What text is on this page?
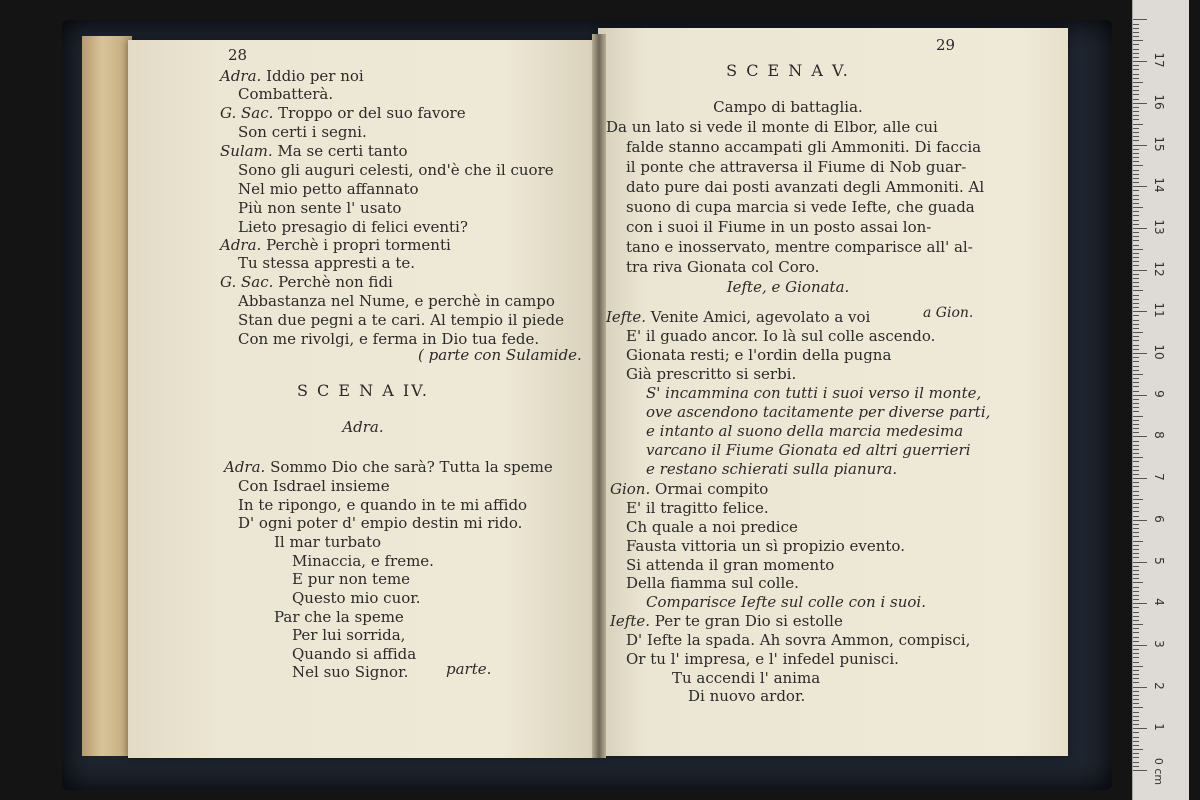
28
( parte con Sulamide.
S C E N A IV.
Adra.
parte.
Adra. Iddio per noi
Combatterà.
G. Sac. Troppo or del suo favore
Son certi i segni.
Sulam. Ma se certi tanto
Sono gli auguri celesti, ond'è che il cuore
Nel mio petto affannato
Più non sente l' usato
Lieto presagio di felici eventi?
Adra. Perchè i propri tormenti
Tu stessa appresti a te.
G. Sac. Perchè non fidi
Abbastanza nel Nume, e perchè in campo
Stan due pegni a te cari. Al tempio il piede
Con me rivolgi, e ferma in Dio tua fede.
Adra. Sommo Dio che sarà? Tutta la speme
Con Isdrael insieme
In te ripongo, e quando in te mi affido
D' ogni poter d' empio destin mi rido.
Il mar turbato
Minaccia, e freme.
E pur non teme
Questo mio cuor.
Par che la speme
Per lui sorrida,
Quando si affida
Nel suo Signor.
29
S C E N A V.
Campo di battaglia.
Iefte, e Gionata.
a Gion.
Da un lato si vede il monte di Elbor, alle cui
falde stanno accampati gli Ammoniti. Di faccia
il ponte che attraversa il Fiume di Nob guar-
dato pure dai posti avanzati degli Ammoniti. Al
suono di cupa marcia si vede Iefte, che guada
con i suoi il Fiume in un posto assai lon-
tano e inosservato, mentre comparisce all' al-
tra riva Gionata col Coro.
Iefte. Venite Amici, agevolato a voi
E' il guado ancor. Io là sul colle ascendo.
Gionata resti; e l'ordin della pugna
Già prescritto si serbi.
S' incammina con tutti i suoi verso il monte,
ove ascendono tacitamente per diverse parti,
e intanto al suono della marcia medesima
varcano il Fiume Gionata ed altri guerrieri
e restano schierati sulla pianura.
Gion. Ormai compito
E' il tragitto felice.
Ch quale a noi predice
Fausta vittoria un sì propizio evento.
Si attenda il gran momento
Della fiamma sul colle.
Comparisce Iefte sul colle con i suoi.
Iefte. Per te gran Dio si estolle
D' Iefte la spada. Ah sovra Ammon, compisci,
Or tu l' impresa, e l' infedel punisci.
Tu accendi l' anima
Di nuovo ardor.
0 cm
1
2
3
4
5
6
7
8
9
10
11
12
13
14
15
16
17
